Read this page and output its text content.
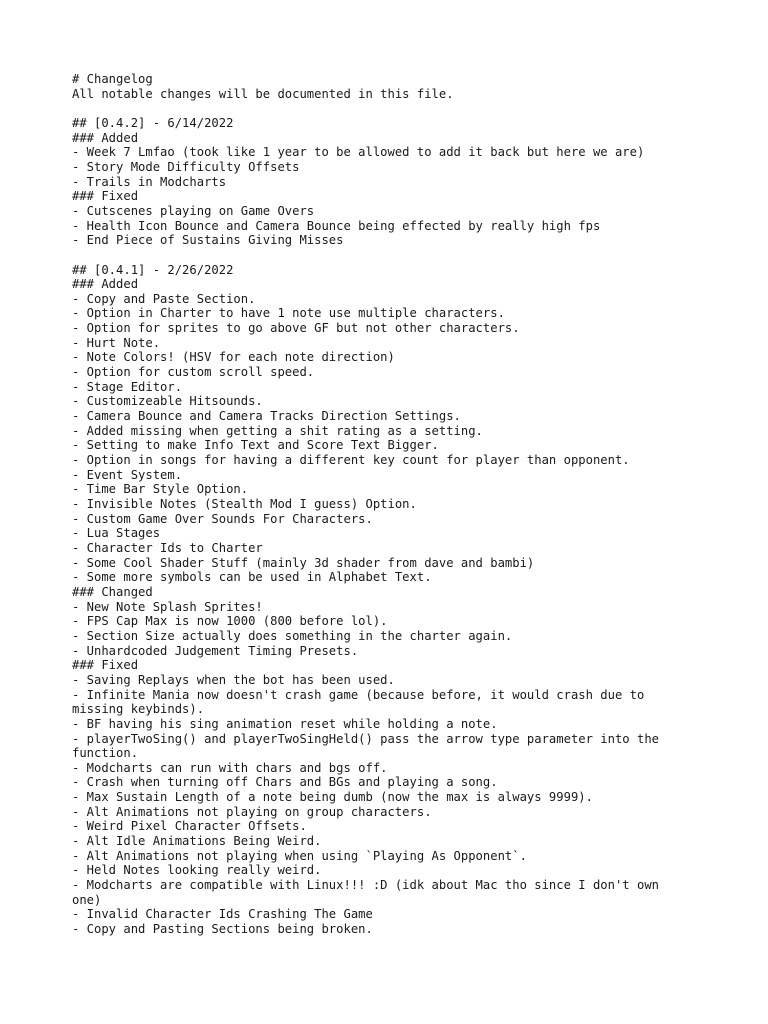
# Changelog
All notable changes will be documented in this file.
## [0.4.2] - 6/14/2022
### Added
- Week 7 Lmfao (took like 1 year to be allowed to add it back but here we are)
- Story Mode Difficulty Offsets
- Trails in Modcharts
### Fixed
- Cutscenes playing on Game Overs
- Health Icon Bounce and Camera Bounce being effected by really high fps
- End Piece of Sustains Giving Misses
## [0.4.1] - 2/26/2022
### Added
- Copy and Paste Section.
- Option in Charter to have 1 note use multiple characters.
- Option for sprites to go above GF but not other characters.
- Hurt Note.
- Note Colors! (HSV for each note direction)
- Option for custom scroll speed.
- Stage Editor.
- Customizeable Hitsounds.
- Camera Bounce and Camera Tracks Direction Settings.
- Added missing when getting a shit rating as a setting.
- Setting to make Info Text and Score Text Bigger.
- Option in songs for having a different key count for player than opponent.
- Event System.
- Time Bar Style Option.
- Invisible Notes (Stealth Mod I guess) Option.
- Custom Game Over Sounds For Characters.
- Lua Stages
- Character Ids to Charter
- Some Cool Shader Stuff (mainly 3d shader from dave and bambi)
- Some more symbols can be used in Alphabet Text.
### Changed
- New Note Splash Sprites!
- FPS Cap Max is now 1000 (800 before lol).
- Section Size actually does something in the charter again.
- Unhardcoded Judgement Timing Presets.
### Fixed
- Saving Replays when the bot has been used.
- Infinite Mania now doesn't crash game (because before, it would crash due to
missing keybinds).
- BF having his sing animation reset while holding a note.
- playerTwoSing() and playerTwoSingHeld() pass the arrow type parameter into the
function.
- Modcharts can run with chars and bgs off.
- Crash when turning off Chars and BGs and playing a song.
- Max Sustain Length of a note being dumb (now the max is always 9999).
- Alt Animations not playing on group characters.
- Weird Pixel Character Offsets.
- Alt Idle Animations Being Weird.
- Alt Animations not playing when using `Playing As Opponent`.
- Held Notes looking really weird.
- Modcharts are compatible with Linux!!! :D (idk about Mac tho since I don't own
one)
- Invalid Character Ids Crashing The Game
- Copy and Pasting Sections being broken.
